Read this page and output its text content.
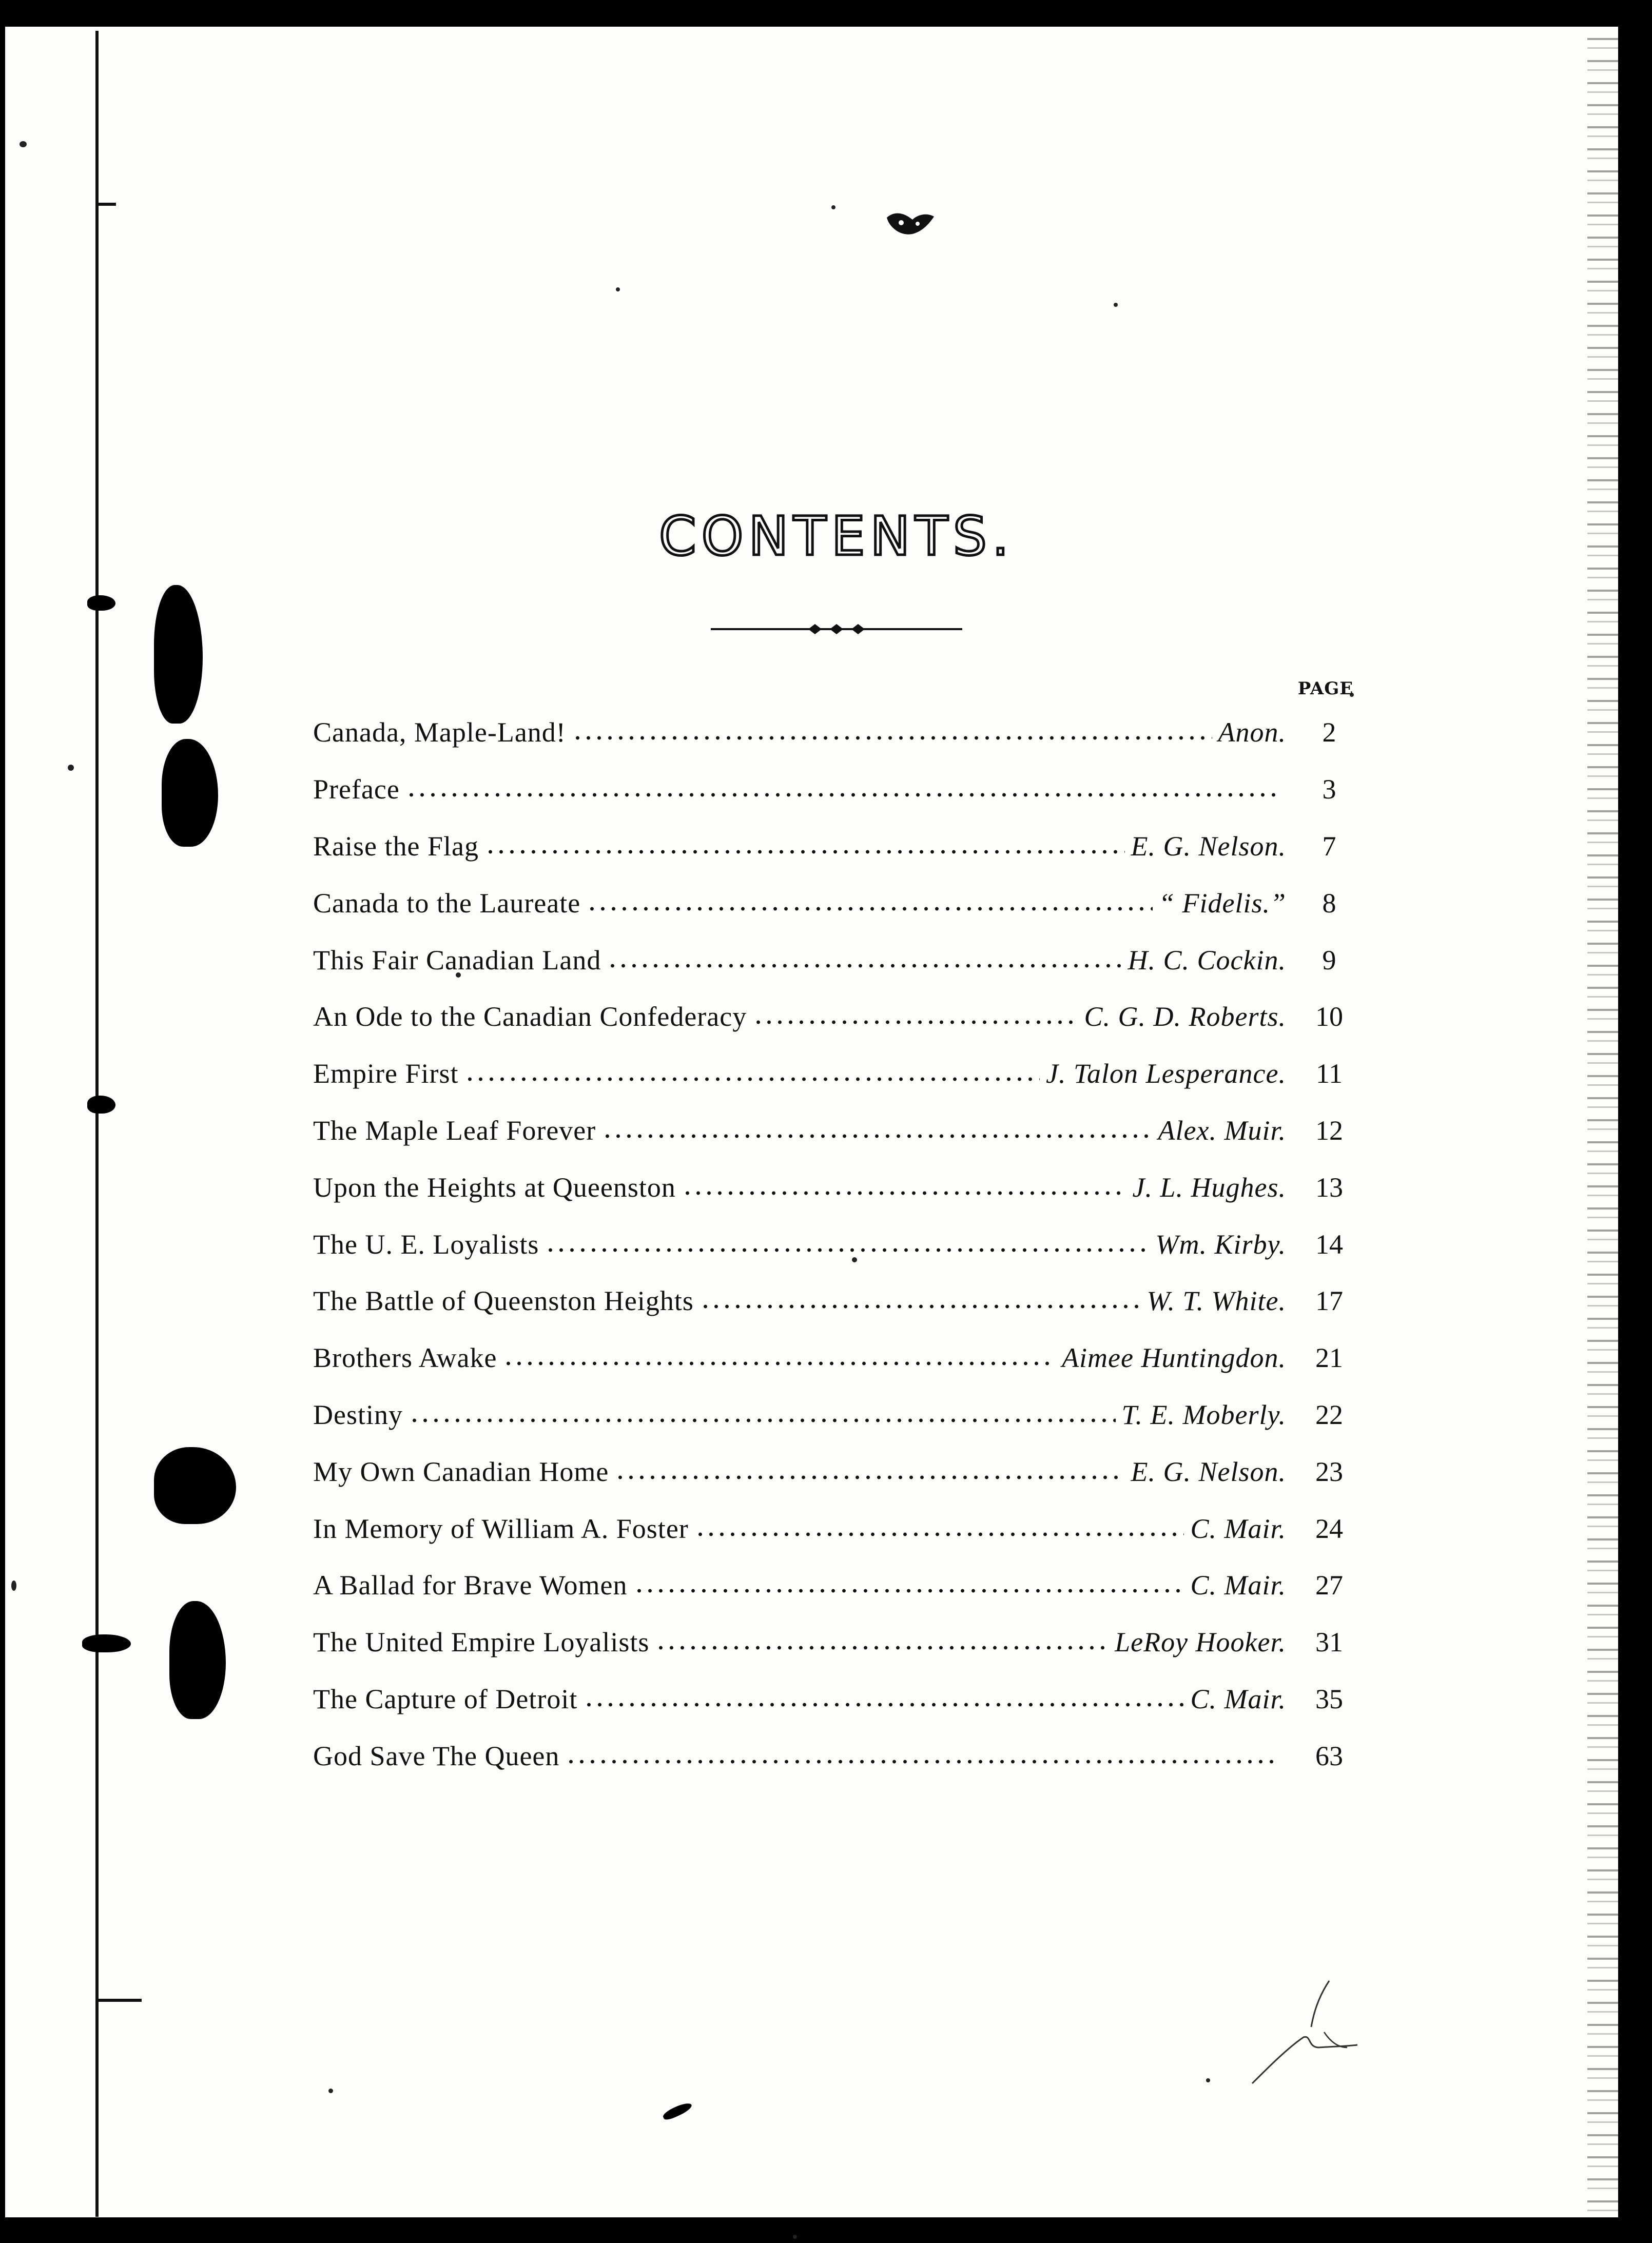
CONTENTS.
PAGE
Canada, Maple-Land!	Anon.	2
Preface	3
Raise the Flag	E. G. Nelson.	7
Canada to the Laureate	“ Fidelis.”	8
This Fair Canadian Land	H. C. Cockin.	9
An Ode to the Canadian Confederacy	C. G. D. Roberts.	10
Empire First	J. Talon Lesperance.	11
The Maple Leaf Forever	Alex. Muir.	12
Upon the Heights at Queenston	J. L. Hughes.	13
The U. E. Loyalists	Wm. Kirby.	14
The Battle of Queenston Heights	W. T. White.	17
Brothers Awake	Aimee Huntingdon.	21
Destiny	T. E. Moberly.	22
My Own Canadian Home	E. G. Nelson.	23
In Memory of William A. Foster	C. Mair.	24
A Ballad for Brave Women	C. Mair.	27
The United Empire Loyalists	LeRoy Hooker.	31
The Capture of Detroit	C. Mair.	35
God Save The Queen	63
